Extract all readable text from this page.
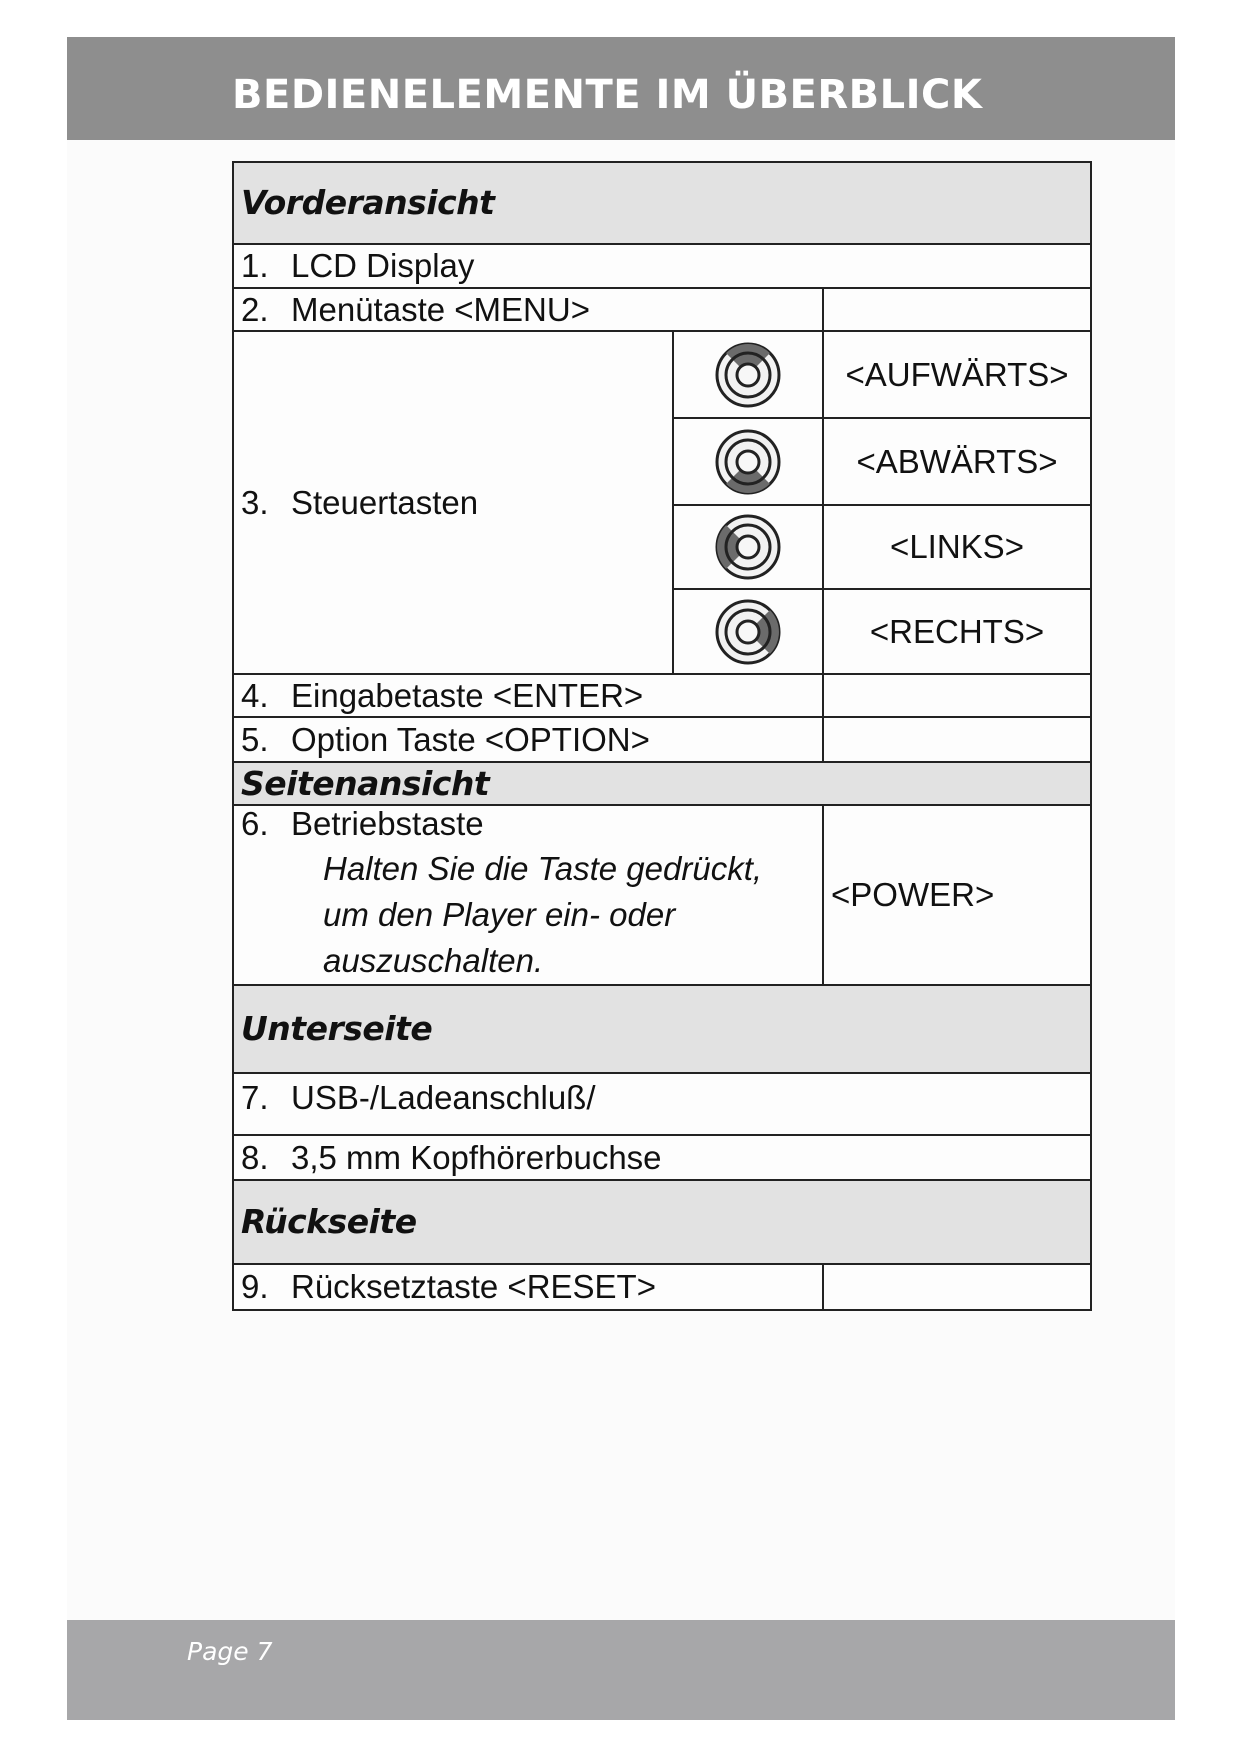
BEDIENELEMENTE IM ÜBERBLICK
Vorderansicht		
1. LCD Display		
2. Menütaste <MENU>		
3. Steuertasten		<AUFWÄRTS>

	<ABWÄRTS>

	<LINKS>

	<RECHTS>
4. Eingabetaste <ENTER>		
5. Option Taste <OPTION>		
Seitenansicht		
6. Betriebstaste
Halten Sie die Taste gedrückt,
um den Player ein- oder
auszuschalten.		<POWER>
Unterseite		
7. USB-/Ladeanschluß/		
8. 3,5 mm Kopfhörerbuchse		
Rückseite		
9. Rücksetztaste <RESET>		
Page 7
